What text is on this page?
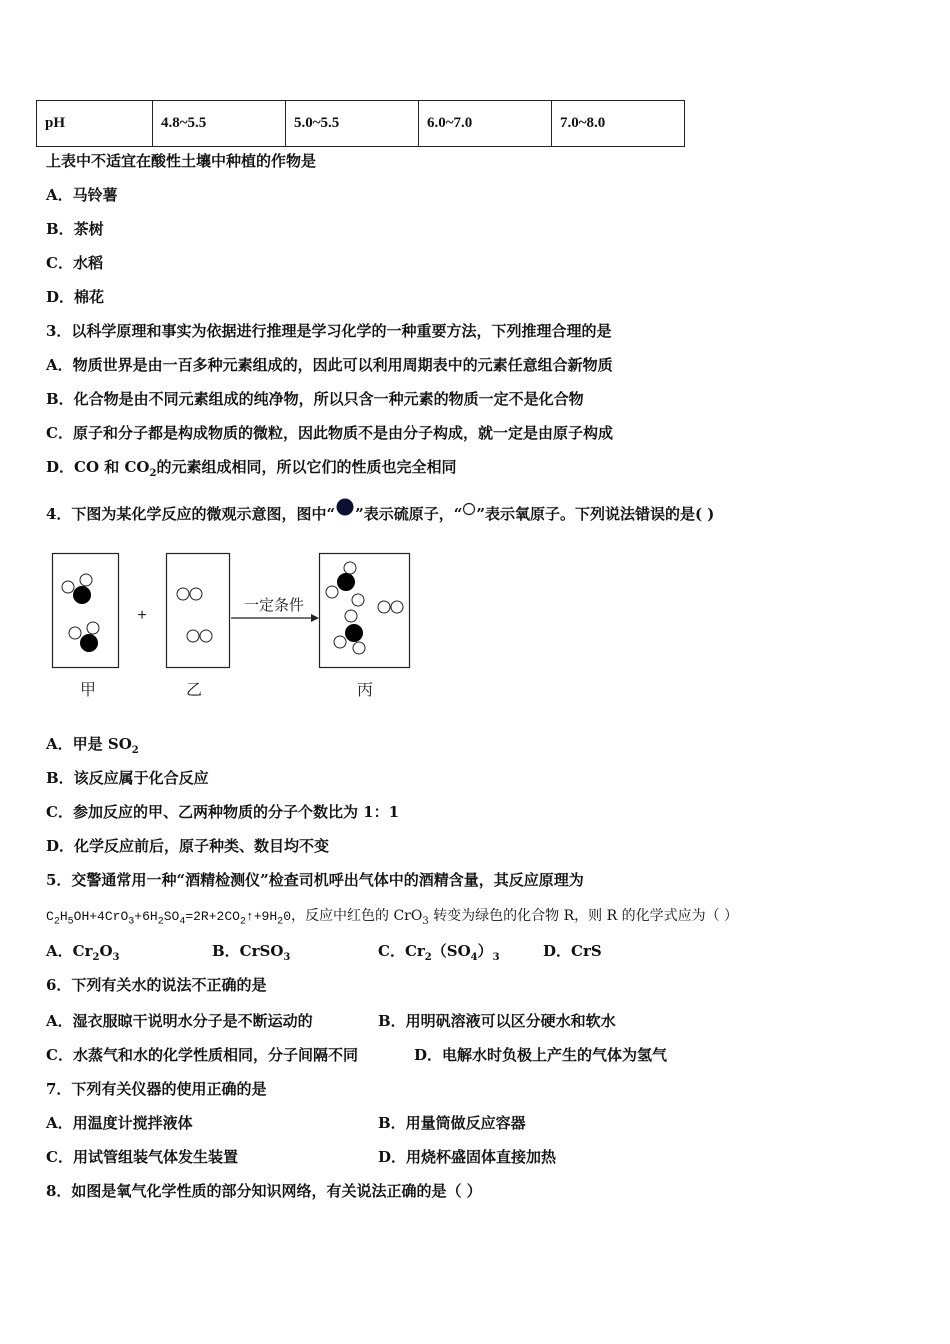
pH	4.8~5.5	5.0~5.5	6.0~7.0	7.0~8.0
上表中不适宜在酸性土壤中种植的作物是
A．马铃薯
B．茶树
C．水稻
D．棉花
3．以科学原理和事实为依据进行推理是学习化学的一种重要方法，下列推理合理的是
A．物质世界是由一百多种元素组成的，因此可以利用周期表中的元素任意组合新物质
B．化合物是由不同元素组成的纯净物，所以只含一种元素的物质一定不是化合物
C．原子和分子都是构成物质的微粒，因此物质不是由分子构成，就一定是由原子构成
D．CO 和 $CO_2$的元素组成相同，所以它们的性质也完全相同
4．下图为某化学反应的微观示意图，图中“ ”表示硫原子，“ ”表示氧原子。下列说法错误的是( )
+
一定条件
甲	乙	丙
A．甲是 $SO_2$
B．该反应属于化合反应
C．参加反应的甲、乙两种物质的分子个数比为 1：1
D．化学反应前后，原子种类、数目均不变
5．交警通常用一种“酒精检测仪”检查司机呼出气体中的酒精含量，其反应原理为
$C_2H_5OH+4CrO_3+6H_2SO_4=2R+2CO_2↑+9H_20$，反应中红色的 CrO$_3$ 转变为绿色的化合物 R，则 R 的化学式应为（ ）
A．$Cr_2O_3$	B．CrSO$_3$	C．$Cr_2(SO_4)_3$	D．CrS
6．下列有关水的说法不正确的是
A．湿衣服晾干说明水分子是不断运动的	B．用明矾溶液可以区分硬水和软水
C．水蒸气和水的化学性质相同，分子间隔不同	D．电解水时负极上产生的气体为氢气
7．下列有关仪器的使用正确的是
A．用温度计搅拌液体	B．用量筒做反应容器
C．用试管组装气体发生装置	D．用烧杯盛固体直接加热
8．如图是氧气化学性质的部分知识网络，有关说法正确的是（ ）
